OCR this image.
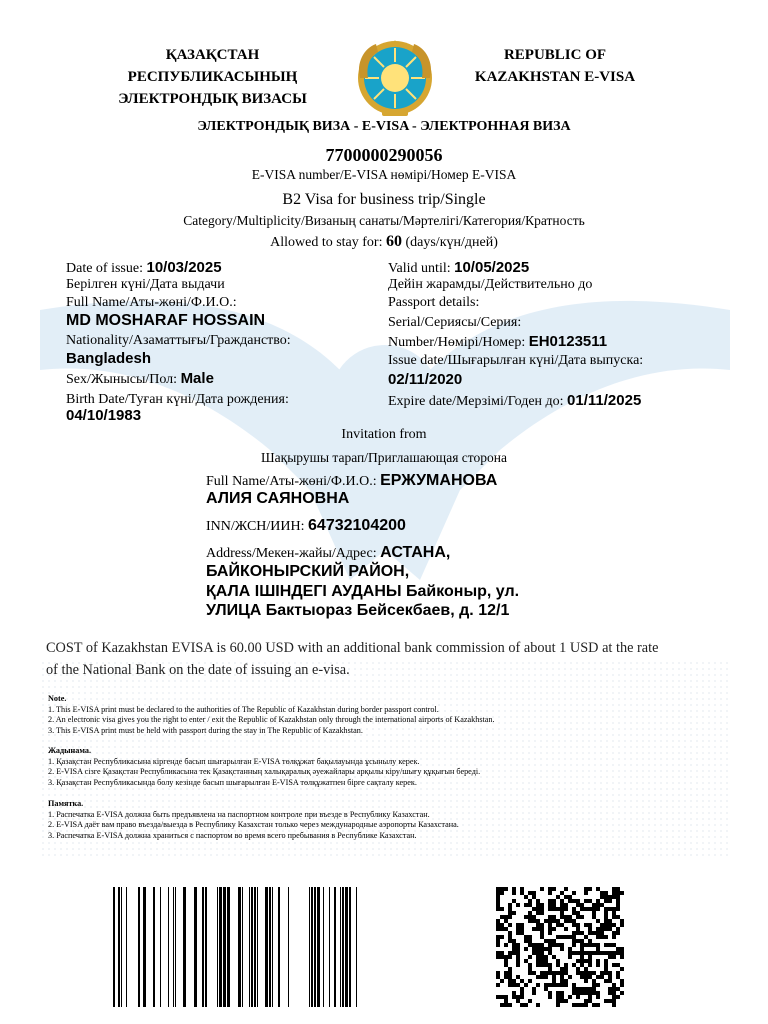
ҚАЗАҚСТАН
РЕСПУБЛИКАСЫНЫҢ
ЭЛЕКТРОНДЫҚ ВИЗАСЫ
REPUBLIC OF
KAZAKHSTAN E-VISA
ЭЛЕКТРОНДЫҚ ВИЗА - E-VISA - ЭЛЕКТРОННАЯ ВИЗА
7700000290056
E-VISA number/E-VISA нөмірі/Номер E-VISA
B2 Visa for business trip/Single
Category/Multiplicity/Визаның санаты/Мәртелігі/Категория/Кратность
Allowed to stay for: 60 (days/күн/дней)
Date of issue: 10/03/2025
Берілген күні/Дата выдачи
Full Name/Аты-жөні/Ф.И.О.:
MD MOSHARAF HOSSAIN
Nationality/Азаматтығы/Гражданство:
Bangladesh
Sex/Жынысы/Пол: Male
Birth Date/Туған күні/Дата рождения:
04/10/1983
Valid until: 10/05/2025
Дейін жарамды/Действительно до
Passport details:
Serial/Сериясы/Серия:
Number/Нөмірі/Номер: EH0123511
Issue date/Шығарылған күні/Дата выпуска:
02/11/2020
Expire date/Мерзімі/Годен до: 01/11/2025
Invitation from
Шақырушы тарап/Приглашающая сторона
Full Name/Аты-жөні/Ф.И.О.: ЕРЖУМАНОВА
АЛИЯ САЯНОВНА
INN/ЖСН/ИИН: 64732104200
Address/Мекен-жайы/Адрес: АСТАНА,
БАЙКОНЫРСКИЙ РАЙОН,
ҚАЛА ІШІНДЕГІ АУДАНЫ Байконыр, ул.
УЛИЦА Бактыораз Бейсекбаев, д. 12/1
COST of Kazakhstan EVISA is 60.00 USD with an additional bank commission of about 1 USD at the rate
of the National Bank on the date of issuing an e-visa.
Note.
1. This E-VISA print must be declared to the authorities of The Republic of Kazakhstan during border passport control.
2. An electronic visa gives you the right to enter / exit the Republic of Kazakhstan only through the international airports of Kazakhstan.
3. This E-VISA print must be held with passport during the stay in The Republic of Kazakhstan.
Жадынама.
1. Қазақстан Республикасына кіргенде басып шығарылған E-VISA төлқұжат бақылауында ұсынылу керек.
2. E-VISA сізге Қазақстан Республикасына тек Қазақстанның халықаралық әуежайлары арқылы кіру/шығу құқығын береді.
3. Қазақстан Республикасында болу кезінде басып шығарылған E-VISA төлқұжатпен бірге сақталу керек.
Памятка.
1. Распечатка E-VISA должна быть предъявлена на паспортном контроле при въезде в Республику Казахстан.
2. E-VISA даёт вам право въезда/выезда в Республику Казахстан только через международные аэропорты Казахстана.
3. Распечатка E-VISA должна храниться с паспортом во время всего пребывания в Республике Казахстан.
